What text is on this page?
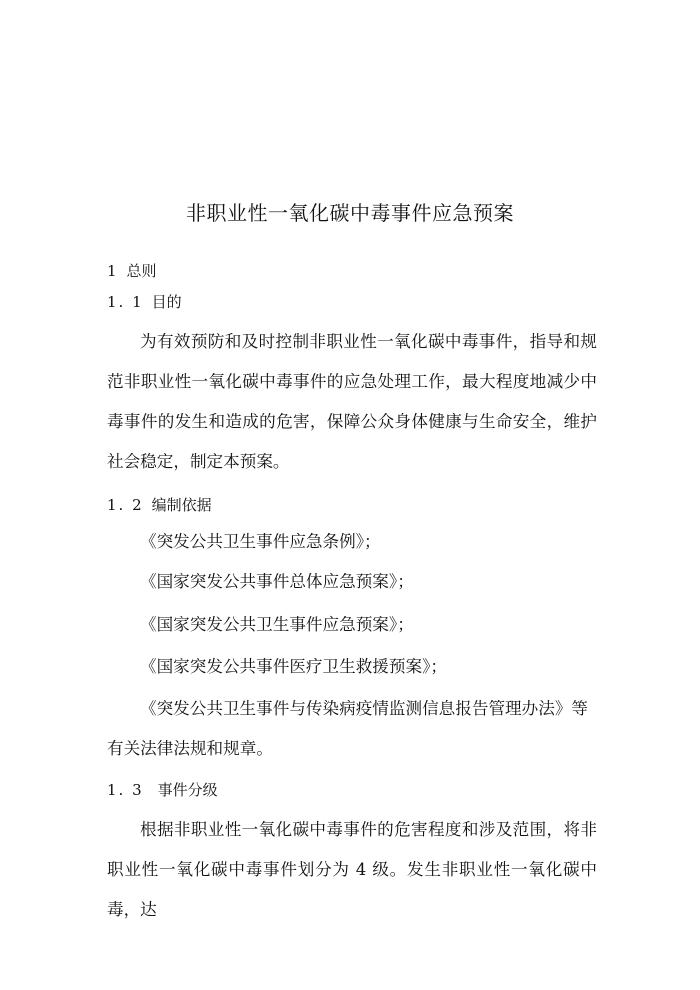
非职业性一氧化碳中毒事件应急预案
1 总则
1. 1 目的

为有效预防和及时控制非职业性一氧化碳中毒事件，指导和规范非职业性一氧化碳中毒事件的应急处理工作，最大程度地减少中毒事件的发生和造成的危害，保障公众身体健康与生命安全，维护社会稳定，制定本预案。

1. 2 编制依据
《突发公共卫生事件应急条例》；
《国家突发公共事件总体应急预案》；
《国家突发公共卫生事件应急预案》；
《国家突发公共事件医疗卫生救援预案》；

《突发公共卫生事件与传染病疫情监测信息报告管理办法》等有关法律法规和规章。

1. 3 事件分级

根据非职业性一氧化碳中毒事件的危害程度和涉及范围，将非职业性一氧化碳中毒事件划分为 4 级。发生非职业性一氧化碳中毒，达
